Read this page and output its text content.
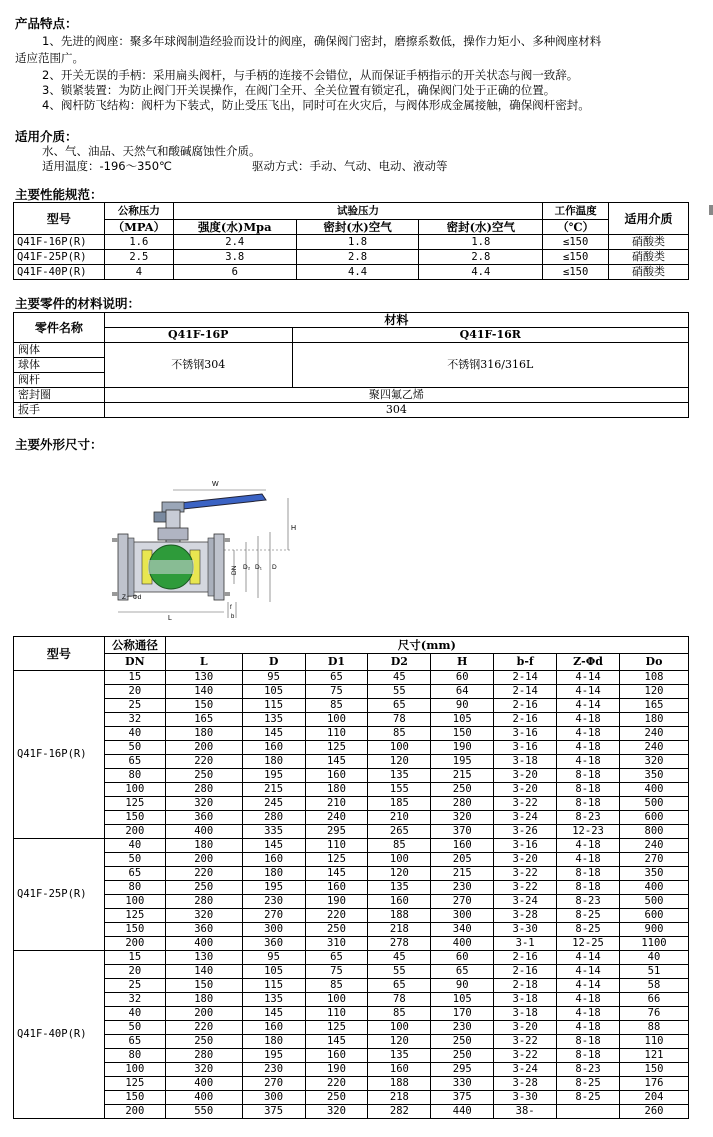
产品特点：
1、先进的阀座：聚多年球阀制造经验而设计的阀座，确保阀门密封，磨擦系数低，操作力矩小、多种阀座材料
适应范围广。
2、开关无误的手柄：采用扁头阀杆，与手柄的连接不会错位，从而保证手柄指示的开关状态与阀一致辞。
3、锁紧装置：为防止阀门开关误操作，在阀门全开、全关位置有锁定孔，确保阀门处于正确的位置。
4、阀杆防飞结构：阀杆为下装式，防止受压飞出，同时可在火灾后，与阀体形成金属接触，确保阀杆密封。
适用介质：
水、气、油品、天然气和酸碱腐蚀性介质。
适用温度：-196～350℃	驱动方式：手动、气动、电动、液动等
主要性能规范：
型号	公称压力	试验压力			工作温度	适用介质
	（MPA）	强度(水)Mpa	密封(水)空气	密封(水)空气	（℃）	
Q41F-16P(R)	1.6	2.4	1.8	1.8	≤150	硝酸类
Q41F-25P(R)	2.5	3.8	2.8	2.8	≤150	硝酸类
Q41F-40P(R)	4	6	4.4	4.4	≤150	硝酸类
主要零件的材料说明：
零件名称	材料	
	Q41F-16P	Q41F-16R
阀体	不锈钢304	不锈钢316/316L
球体		
阀杆		
密封圈	聚四氟乙烯	
扳手	304	
主要外形尺寸：
W
H
DN D₂ D₁ D
Z－Φd
L
f
b
型号	公称通径	尺寸(mm)							
	DN	L	D	D1	D2	H	b-f	Z-Φd	Do
Q41F-16P(R)	15	130	95	65	45	60	2-14	4-14	108
	20	140	105	75	55	64	2-14	4-14	120
	25	150	115	85	65	90	2-16	4-14	165
	32	165	135	100	78	105	2-16	4-18	180
	40	180	145	110	85	150	3-16	4-18	240
	50	200	160	125	100	190	3-16	4-18	240
	65	220	180	145	120	195	3-18	4-18	320
	80	250	195	160	135	215	3-20	8-18	350
	100	280	215	180	155	250	3-20	8-18	400
	125	320	245	210	185	280	3-22	8-18	500
	150	360	280	240	210	320	3-24	8-23	600
	200	400	335	295	265	370	3-26	12-23	800
Q41F-25P(R)	40	180	145	110	85	160	3-16	4-18	240
	50	200	160	125	100	205	3-20	4-18	270
	65	220	180	145	120	215	3-22	8-18	350
	80	250	195	160	135	230	3-22	8-18	400
	100	280	230	190	160	270	3-24	8-23	500
	125	320	270	220	188	300	3-28	8-25	600
	150	360	300	250	218	340	3-30	8-25	900
	200	400	360	310	278	400	3-1	12-25	1100
Q41F-40P(R)	15	130	95	65	45	60	2-16	4-14	40
	20	140	105	75	55	65	2-16	4-14	51
	25	150	115	85	65	90	2-18	4-14	58
	32	180	135	100	78	105	3-18	4-18	66
	40	200	145	110	85	170	3-18	4-18	76
	50	220	160	125	100	230	3-20	4-18	88
	65	250	180	145	120	250	3-22	8-18	110
	80	280	195	160	135	250	3-22	8-18	121
	100	320	230	190	160	295	3-24	8-23	150
	125	400	270	220	188	330	3-28	8-25	176
	150	400	300	250	218	375	3-30	8-25	204
	200	550	375	320	282	440	38-		260
